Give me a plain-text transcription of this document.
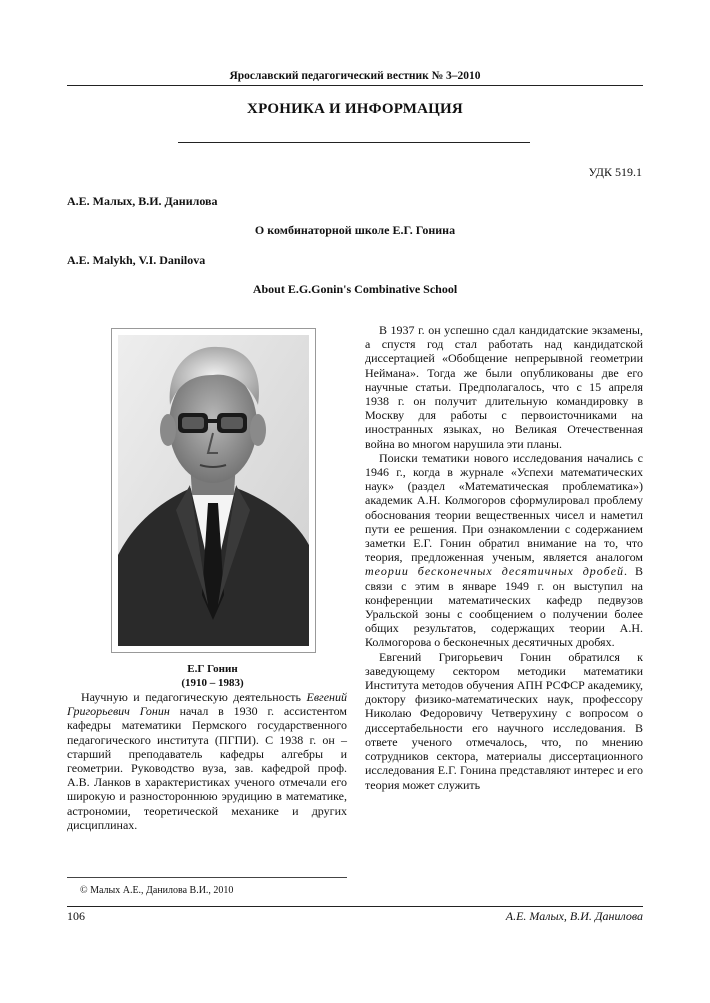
Ярославский педагогический вестник № 3–2010
ХРОНИКА И ИНФОРМАЦИЯ
УДК 519.1
А.Е. Малых, В.И. Данилова
О комбинаторной школе Е.Г. Гонина
A.E. Malykh, V.I. Danilova
About E.G.Gonin's Combinative School
Е.Г Гонин
(1910 – 1983)

Научную и педагогическую деятельность Евгений Григорьевич Гонин начал в 1930 г. ассистентом кафедры математики Пермского государственного педагогического института (ПГПИ). С 1938 г. он – старший преподаватель кафедры алгебры и геометрии. Руководство вуза, зав. кафедрой проф. А.В. Ланков в характеристиках ученого отмечали его широкую и разностороннюю эрудицию в математике, астрономии, теоретической механике и других дисциплинах.

В 1937 г. он успешно сдал кандидатские экзамены, а спустя год стал работать над кандидатской диссертацией «Обобщение непрерывной геометрии Неймана». Тогда же были опубликованы две его научные статьи. Предполагалось, что с 15 апреля 1938 г. он получит длительную командировку в Москву для работы с первоисточниками на иностранных языках, но Великая Отечественная война во многом нарушила эти планы.

Поиски тематики нового исследования начались с 1946 г., когда в журнале «Успехи математических наук» (раздел «Математическая проблематика») академик А.Н. Колмогоров сформулировал проблему обоснования теории вещественных чисел и наметил пути ее решения. При ознакомлении с содержанием заметки Е.Г. Гонин обратил внимание на то, что теория, предложенная ученым, является аналогом теории бесконечных десятичных дробей. В связи с этим в январе 1949 г. он выступил на конференции математических кафедр педвузов Уральской зоны с сообщением о получении более общих результатов, содержащих теории А.Н. Колмогорова о бесконечных десятичных дробях.

Евгений Григорьевич Гонин обратился к заведующему сектором методики математики Института методов обучения АПН РСФСР академику, доктору физико-математических наук, профессору Николаю Федоровичу Четверухину с вопросом о диссертабельности его научного исследования. В ответе ученого отмечалось, что, по мнению сотрудников сектора, материалы диссертационного исследования Е.Г. Гонина представляют интерес и его теория может служить

© Малых А.Е., Данилова В.И., 2010
106	А.Е. Малых, В.И. Данилова
